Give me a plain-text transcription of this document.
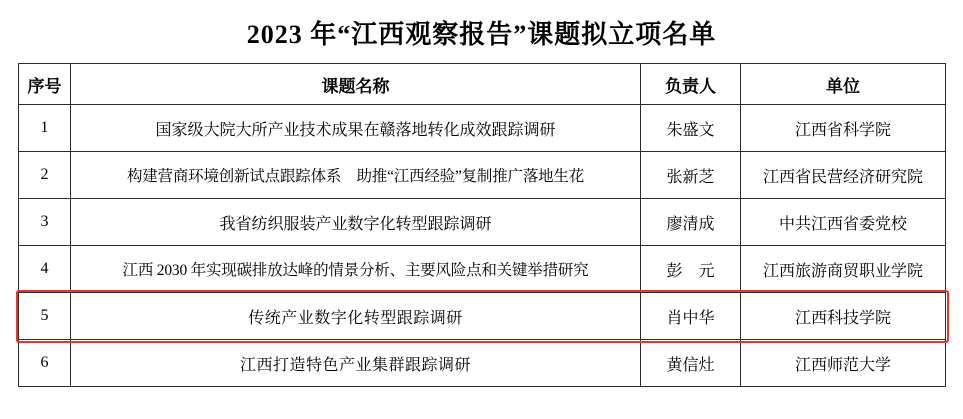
2023 年“江西观察报告”课题拟立项名单
序号	课题名称	负责人	单位
1	国家级大院大所产业技术成果在赣落地转化成效跟踪调研	朱盛文	江西省科学院
2	构建营商环境创新试点跟踪体系　助推“江西经验”复制推广落地生花	张新芝	江西省民营经济研究院
3	我省纺织服装产业数字化转型跟踪调研	廖清成	中共江西省委党校
4	江西 2030 年实现碳排放达峰的情景分析、主要风险点和关键举措研究	彭　元	江西旅游商贸职业学院
5	传统产业数字化转型跟踪调研	肖中华	江西科技学院
6	江西打造特色产业集群跟踪调研	黄信灶	江西师范大学
